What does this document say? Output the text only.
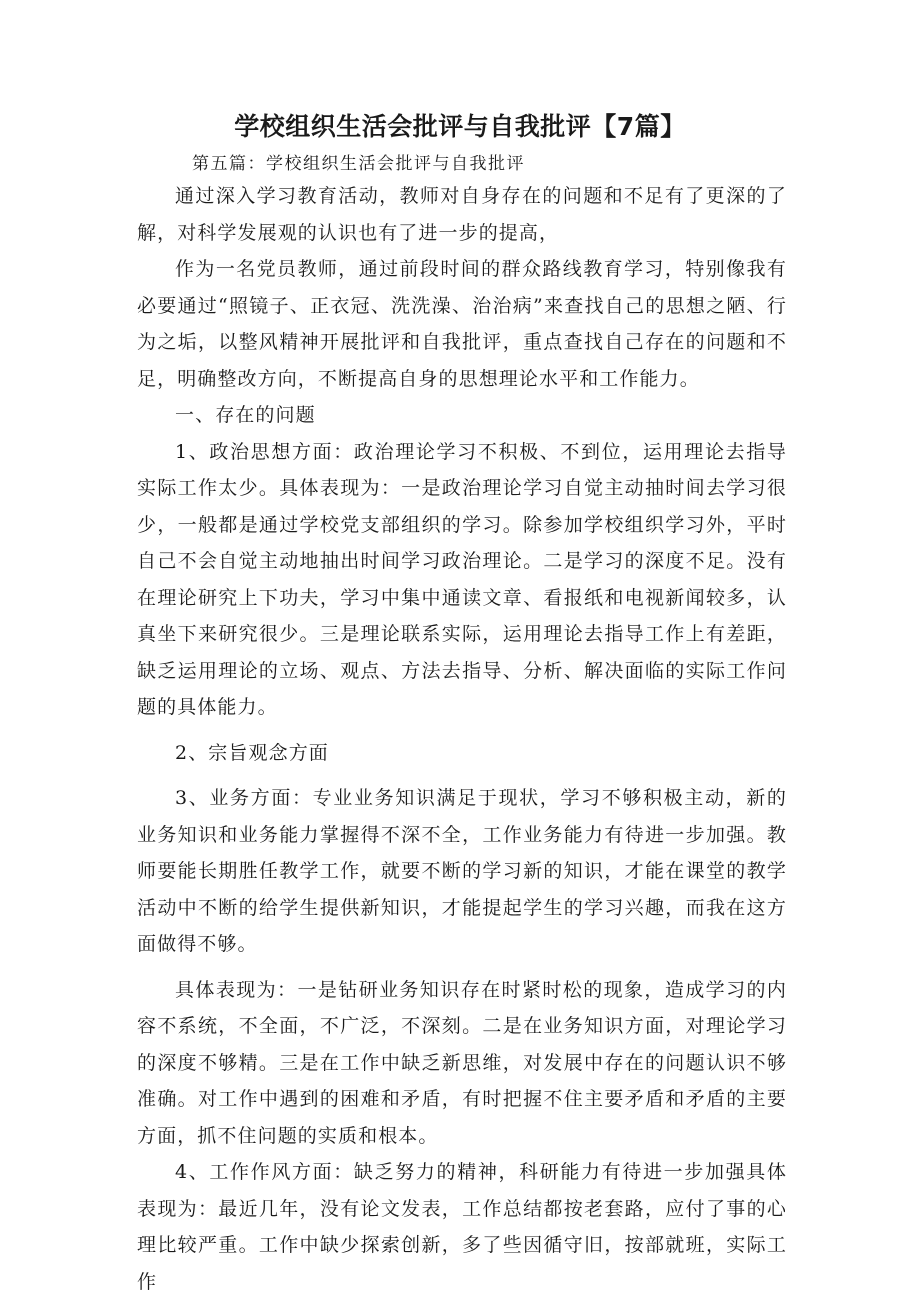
学校组织生活会批评与自我批评【7篇】

第五篇：学校组织生活会批评与自我批评

通过深入学习教育活动，教师对自身存在的问题和不足有了更深的了解，对科学发展观的认识也有了进一步的提高，

作为一名党员教师，通过前段时间的群众路线教育学习，特别像我有必要通过“照镜子、正衣冠、洗洗澡、治治病”来查找自己的思想之陋、行为之垢，以整风精神开展批评和自我批评，重点查找自己存在的问题和不足，明确整改方向，不断提高自身的思想理论水平和工作能力。

一、存在的问题

1、政治思想方面：政治理论学习不积极、不到位，运用理论去指导实际工作太少。具体表现为：一是政治理论学习自觉主动抽时间去学习很少，一般都是通过学校党支部组织的学习。除参加学校组织学习外，平时自己不会自觉主动地抽出时间学习政治理论。二是学习的深度不足。没有在理论研究上下功夫，学习中集中通读文章、看报纸和电视新闻较多，认真坐下来研究很少。三是理论联系实际，运用理论去指导工作上有差距，缺乏运用理论的立场、观点、方法去指导、分析、解决面临的实际工作问题的具体能力。

2、宗旨观念方面

3、业务方面：专业业务知识满足于现状，学习不够积极主动，新的业务知识和业务能力掌握得不深不全，工作业务能力有待进一步加强。教师要能长期胜任教学工作，就要不断的学习新的知识，才能在课堂的教学活动中不断的给学生提供新知识，才能提起学生的学习兴趣，而我在这方面做得不够。

具体表现为：一是钻研业务知识存在时紧时松的现象，造成学习的内容不系统，不全面，不广泛，不深刻。二是在业务知识方面，对理论学习的深度不够精。三是在工作中缺乏新思维，对发展中存在的问题认识不够准确。对工作中遇到的困难和矛盾，有时把握不住主要矛盾和矛盾的主要方面，抓不住问题的实质和根本。

4、工作作风方面：缺乏努力的精神，科研能力有待进一步加强具体表现为：最近几年，没有论文发表，工作总结都按老套路，应付了事的心理比较严重。工作中缺少探索创新，多了些因循守旧，按部就班，实际工作
